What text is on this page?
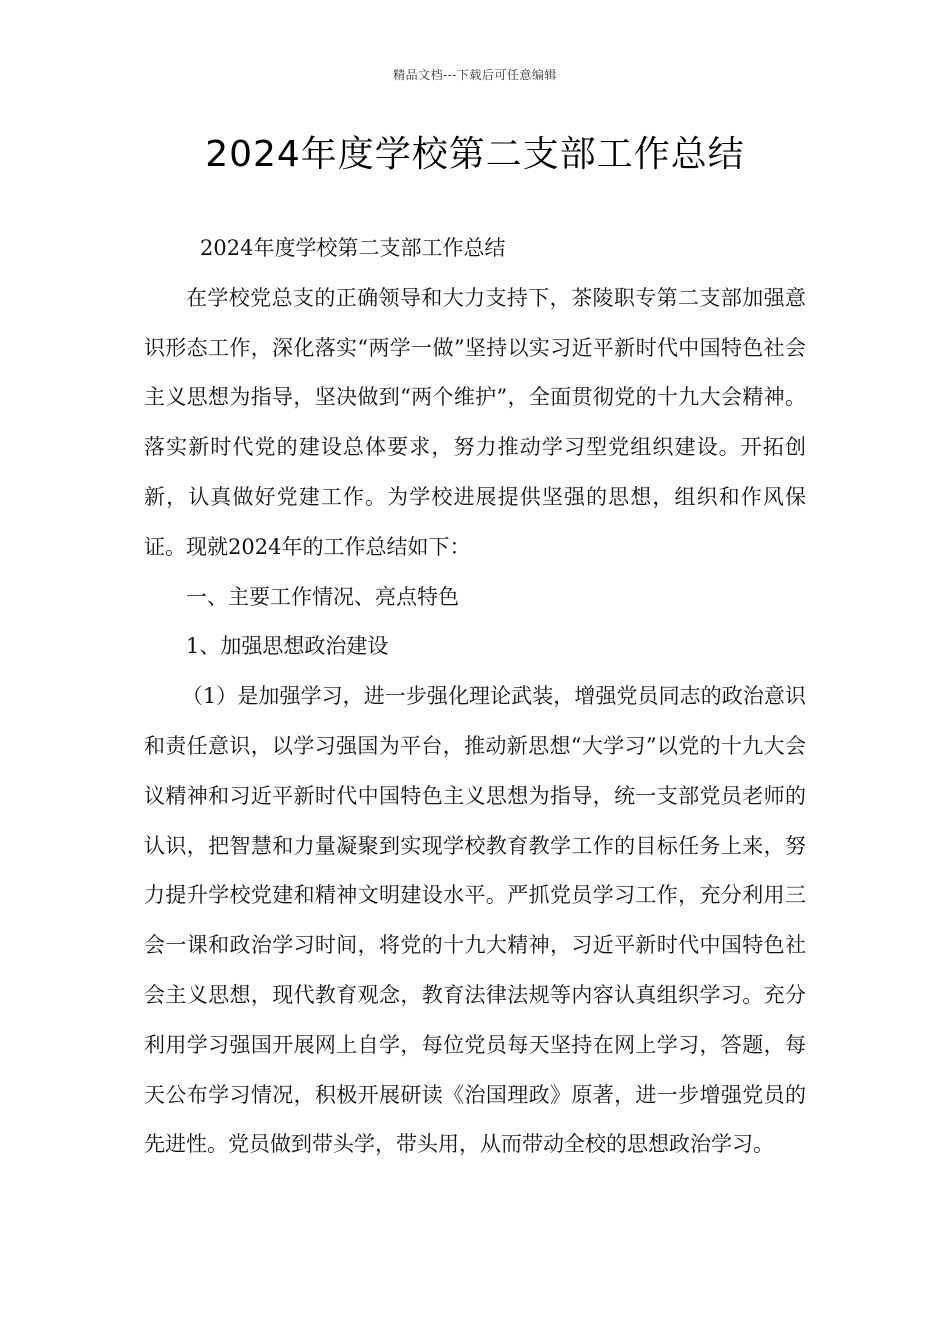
精品文档---下载后可任意编辑
2024年度学校第二支部工作总结

2024年度学校第二支部工作总结

在学校党总支的正确领导和大力支持下，茶陵职专第二支部加强意识形态工作，深化落实“两学一做”坚持以实习近平新时代中国特色社会主义思想为指导，坚决做到“两个维护”，全面贯彻党的十九大会精神。落实新时代党的建设总体要求，努力推动学习型党组织建设。开拓创新，认真做好党建工作。为学校进展提供坚强的思想，组织和作风保证。现就2024年的工作总结如下：

一、主要工作情况、亮点特色

1、加强思想政治建设

（1）是加强学习，进一步强化理论武装，增强党员同志的政治意识和责任意识，以学习强国为平台，推动新思想“大学习”以党的十九大会议精神和习近平新时代中国特色主义思想为指导，统一支部党员老师的认识，把智慧和力量凝聚到实现学校教育教学工作的目标任务上来，努力提升学校党建和精神文明建设水平。严抓党员学习工作，充分利用三会一课和政治学习时间，将党的十九大精神，习近平新时代中国特色社会主义思想，现代教育观念，教育法律法规等内容认真组织学习。充分利用学习强国开展网上自学，每位党员每天坚持在网上学习，答题，每天公布学习情况，积极开展研读《治国理政》原著，进一步增强党员的先进性。党员做到带头学，带头用，从而带动全校的思想政治学习。
